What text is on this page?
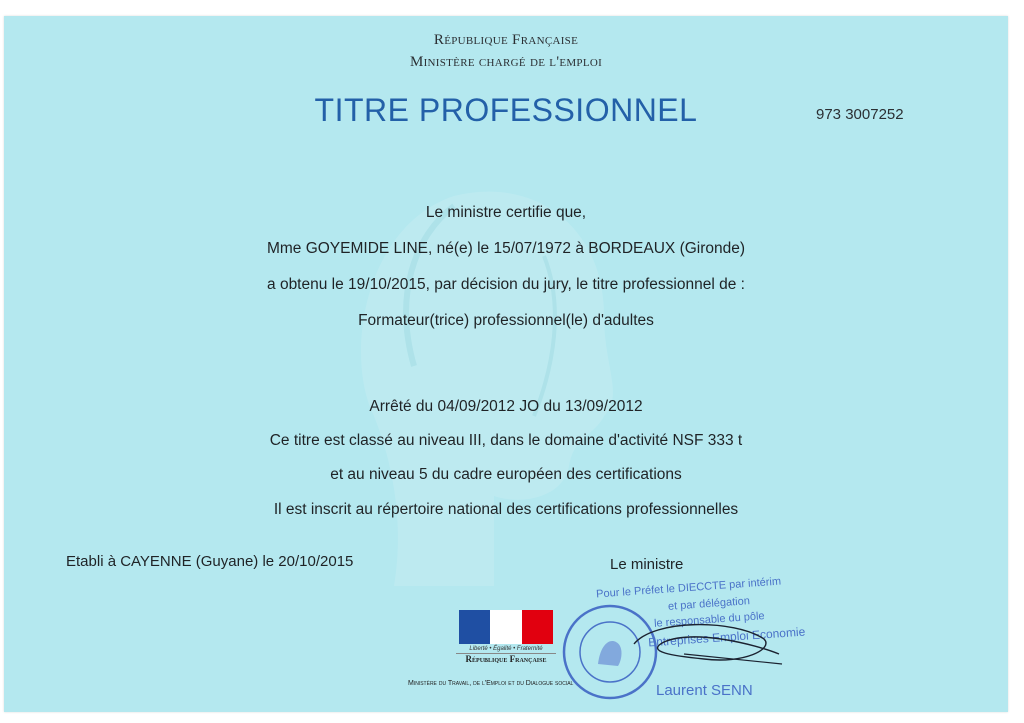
République Française
Ministère chargé de l'emploi
TITRE PROFESSIONNEL	973 3007252
Le ministre certifie que,
Mme GOYEMIDE LINE, né(e) le 15/07/1972 à BORDEAUX (Gironde)
a obtenu le 19/10/2015, par décision du jury, le titre professionnel de :
Formateur(trice) professionnel(le) d'adultes
Arrêté du 04/09/2012 JO du 13/09/2012
Ce titre est classé au niveau III, dans le domaine d'activité NSF 333 t
et au niveau 5 du cadre européen des certifications
Il est inscrit au répertoire national des certifications professionnelles
Etabli à CAYENNE (Guyane) le 20/10/2015	Le ministre
Liberté • Égalité • Fraternité
République Française
Ministère du Travail, de l'Emploi et du Dialogue social
Pour le Préfet le DIECCTE par intérim
et par délégation
le responsable du pôle
Entreprises Emploi Economie
Laurent SENN
